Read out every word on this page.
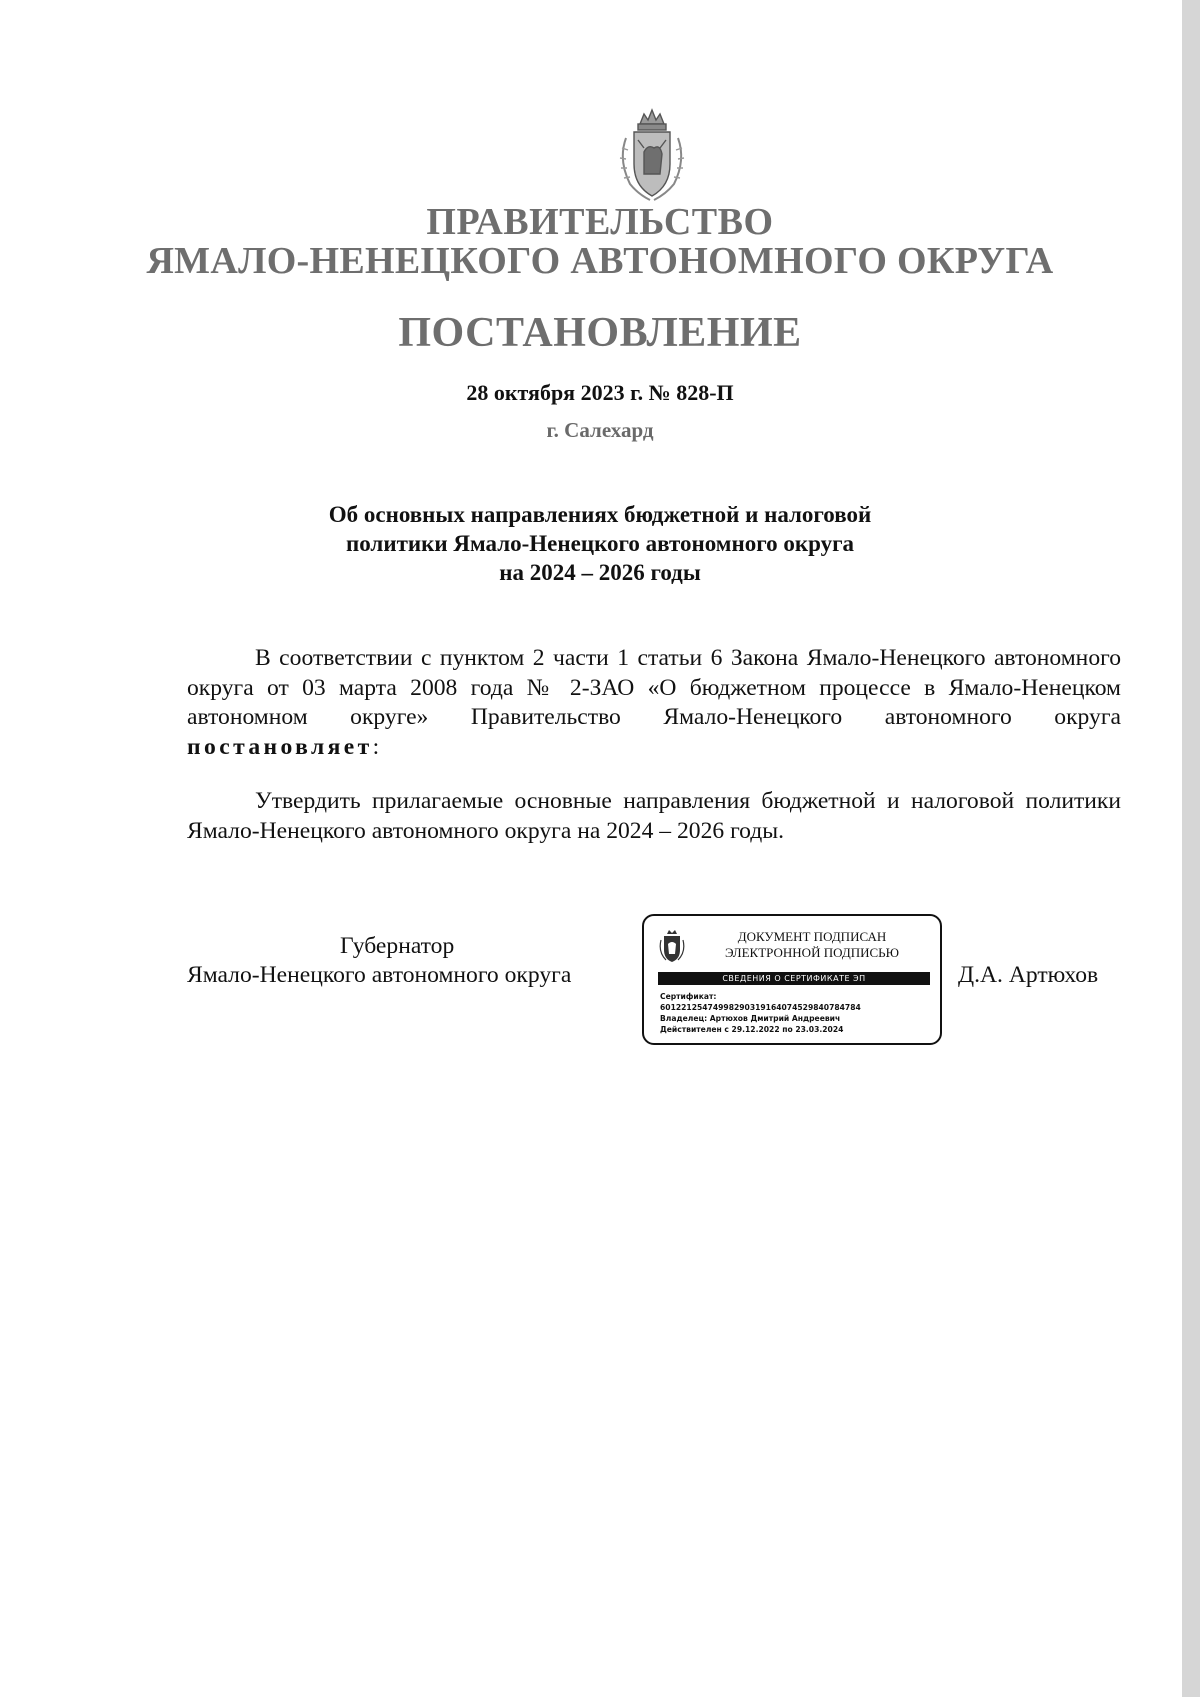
ПРАВИТЕЛЬСТВО
ЯМАЛО-НЕНЕЦКОГО АВТОНОМНОГО ОКРУГА
ПОСТАНОВЛЕНИЕ
28 октября 2023 г. № 828-П
г. Салехард
Об основных направлениях бюджетной и налоговой
политики Ямало-Ненецкого автономного округа
на 2024 – 2026 годы
В соответствии с пунктом 2 части 1 статьи 6 Закона Ямало-Ненецкого автономного округа от 03 марта 2008 года № 2-ЗАО «О бюджетном процессе в Ямало-Ненецком автономном округе» Правительство Ямало-Ненецкого автономного округа постановляет:
Утвердить прилагаемые основные направления бюджетной и налоговой политики Ямало-Ненецкого автономного округа на 2024 – 2026 годы.
Губернатор
Ямало-Ненецкого автономного округа	Д.А. Артюхов
ДОКУМЕНТ ПОДПИСАН
ЭЛЕКТРОННОЙ ПОДПИСЬЮ
СВЕДЕНИЯ О СЕРТИФИКАТЕ ЭП
Сертификат:
60122125474998290319164074529840784784
Владелец: Артюхов Дмитрий Андреевич
Действителен с 29.12.2022 по 23.03.2024
